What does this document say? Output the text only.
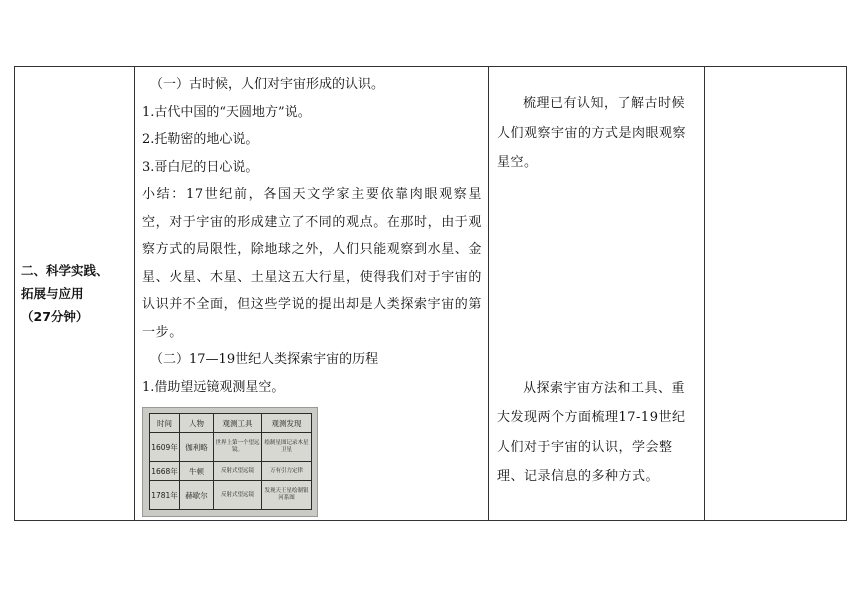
二、科学实践、
拓展与应用
（27分钟）

（一）古时候，人们对宇宙形成的认识。

1.古代中国的“天圆地方”说。

2.托勒密的地心说。

3.哥白尼的日心说。

小结：17世纪前，各国天文学家主要依靠肉眼观察星空，对于宇宙的形成建立了不同的观点。在那时，由于观察方式的局限性，除地球之外，人们只能观察到水星、金星、火星、木星、土星这五大行星，使得我们对于宇宙的认识并不全面，但这些学说的提出却是人类探索宇宙的第一步。

（二）17—19世纪人类探索宇宙的历程

1.借助望远镜观测星空。

时间	人物	观测工具	观测发现
1609年	伽利略	世界上第一个望远镜。	绘制星图记录木星卫星
1668年	牛顿	反射式望远镜	万有引力定律
1781年	赫歇尔	反射式望远镜	发现天王星绘制银河系图

梳理已有认知，了解古时候人们观察宇宙的方式是肉眼观察星空。

从探索宇宙方法和工具、重大发现两个方面梳理17-19世纪人们对于宇宙的认识，学会整理、记录信息的多种方式。
